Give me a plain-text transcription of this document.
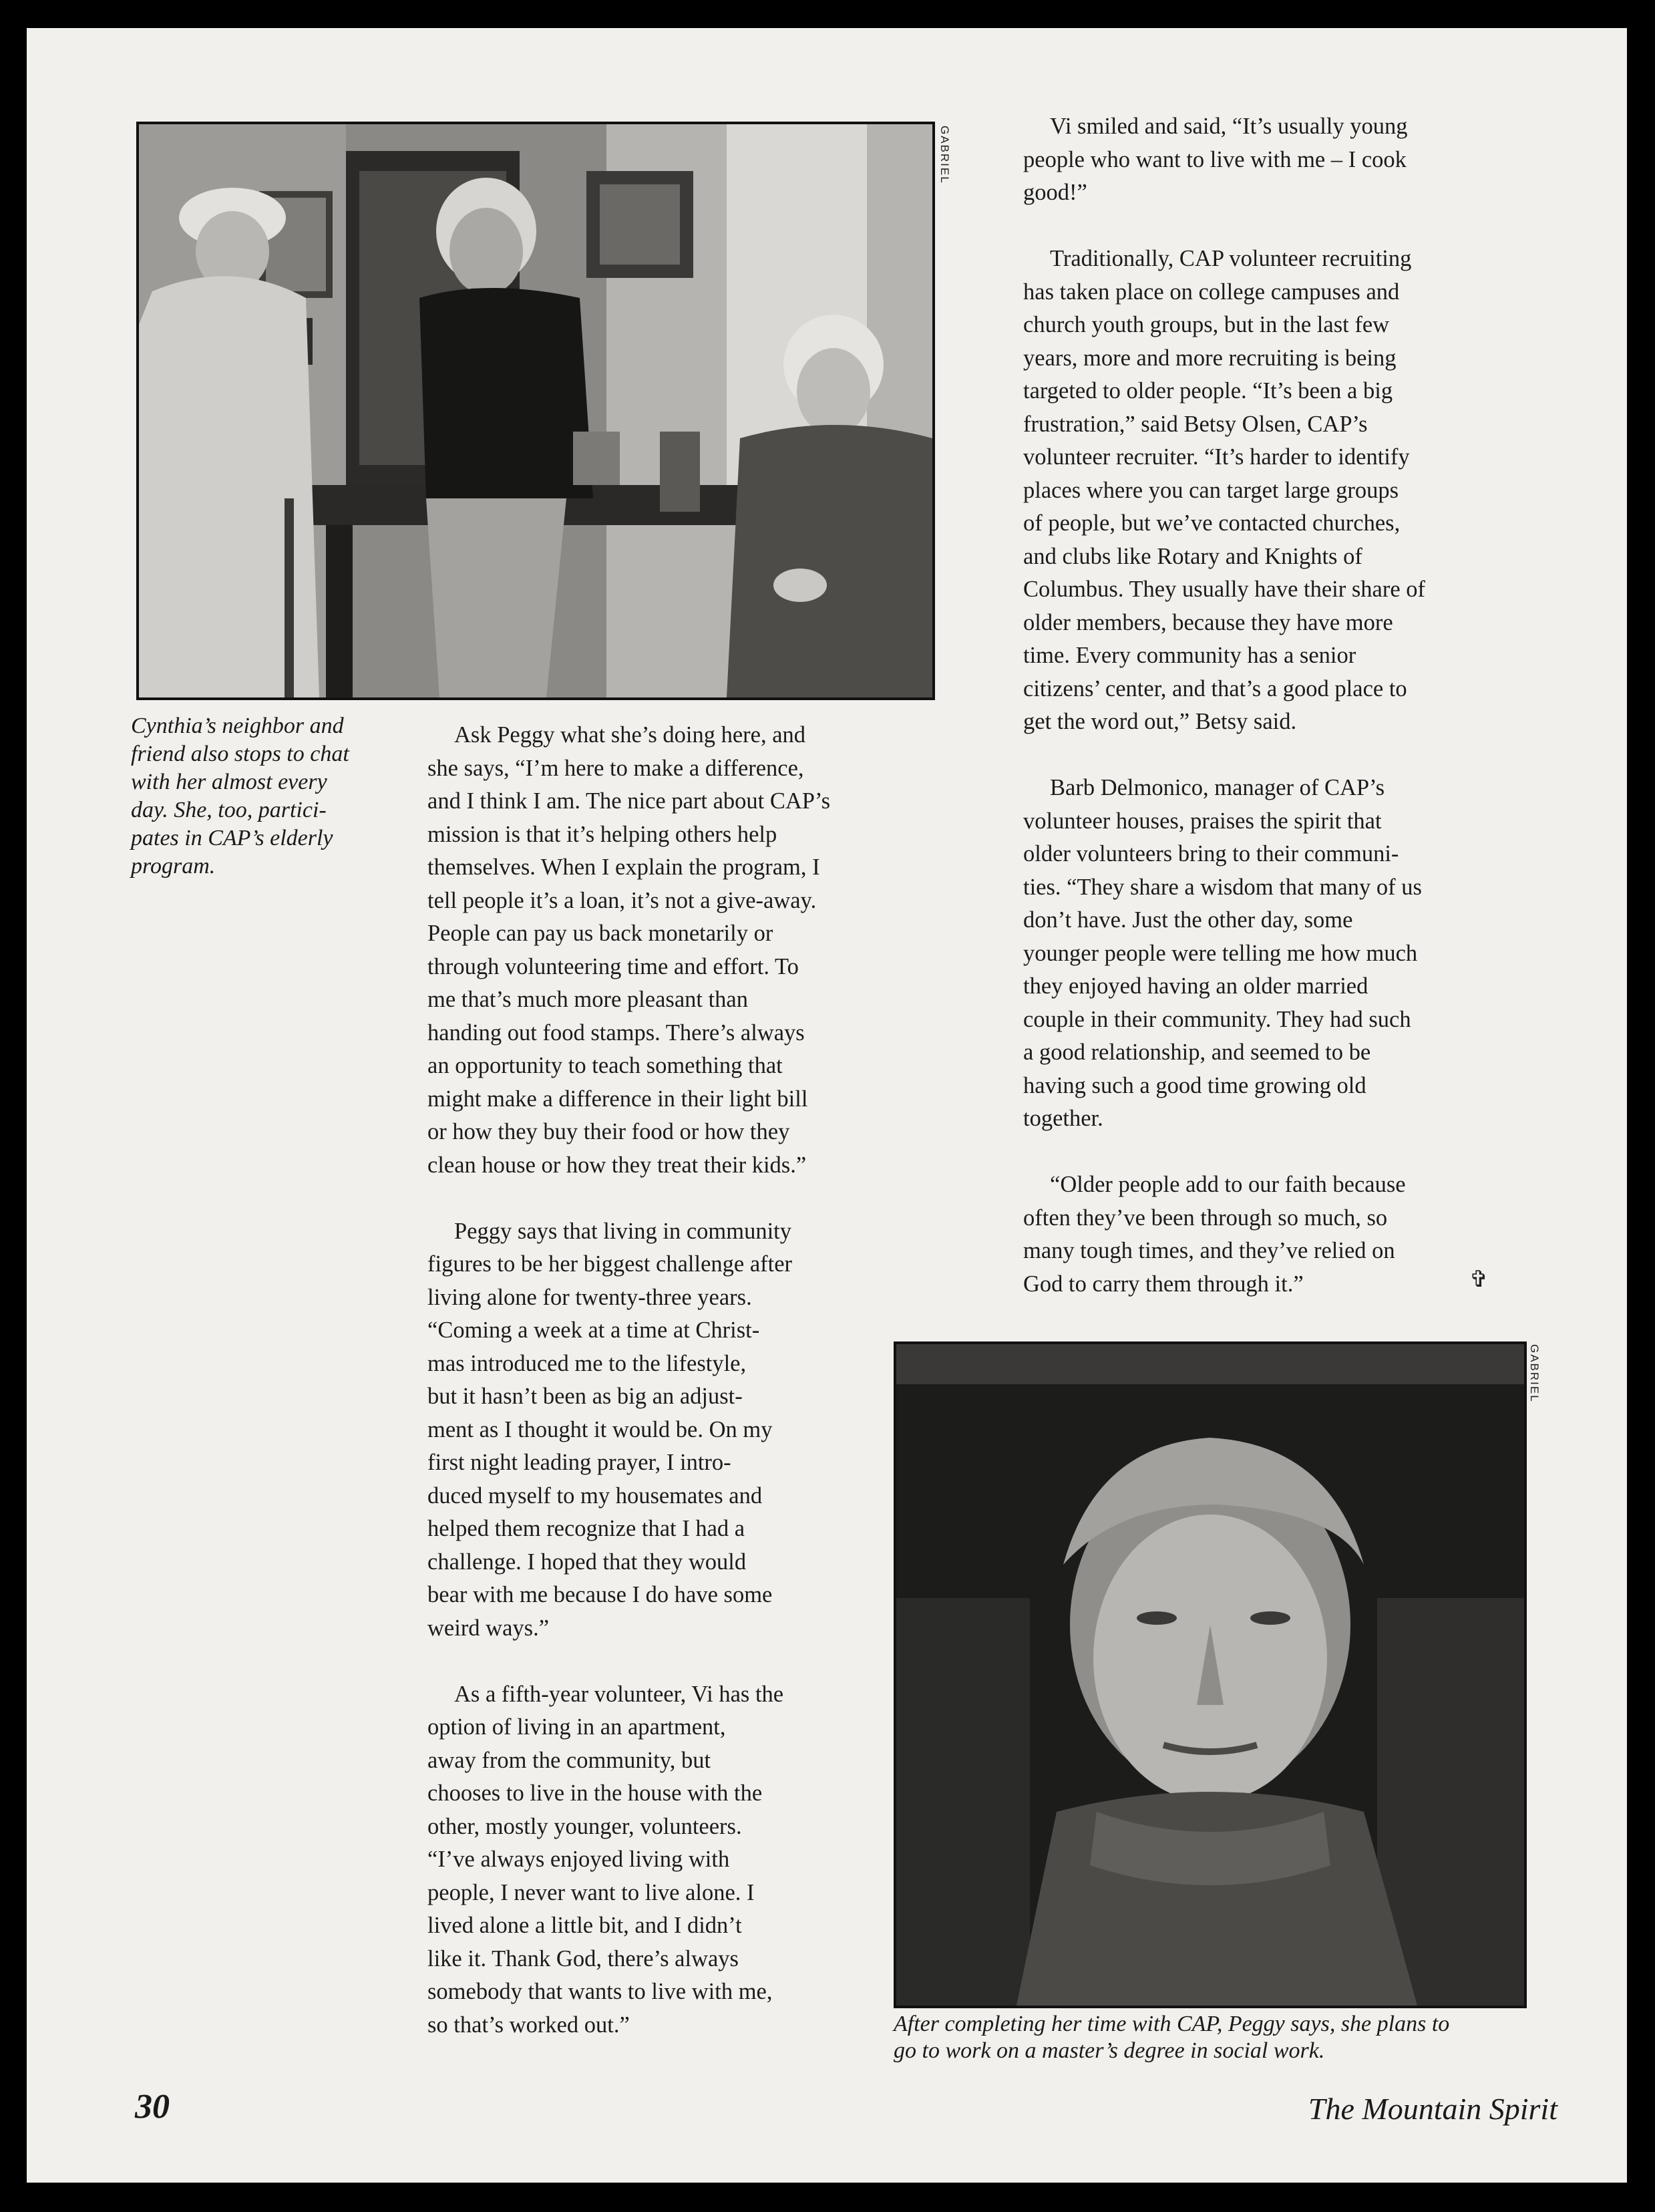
GABRIEL
Cynthia’s neighbor and
friend also stops to chat
with her almost every
day. She, too, partici-
pates in CAP’s elderly
program.

Ask Peggy what she’s doing here, and
she says, “I’m here to make a difference,
and I think I am. The nice part about CAP’s
mission is that it’s helping others help
themselves. When I explain the program, I
tell people it’s a loan, it’s not a give-away.
People can pay us back monetarily or
through volunteering time and effort. To
me that’s much more pleasant than
handing out food stamps. There’s always
an opportunity to teach something that
might make a difference in their light bill
or how they buy their food or how they
clean house or how they treat their kids.”

Peggy says that living in community
figures to be her biggest challenge after
living alone for twenty-three years.
“Coming a week at a time at Christ-
mas introduced me to the lifestyle,
but it hasn’t been as big an adjust-
ment as I thought it would be. On my
first night leading prayer, I intro-
duced myself to my housemates and
helped them recognize that I had a
challenge. I hoped that they would
bear with me because I do have some
weird ways.”

As a fifth-year volunteer, Vi has the
option of living in an apartment,
away from the community, but
chooses to live in the house with the
other, mostly younger, volunteers.
“I’ve always enjoyed living with
people, I never want to live alone. I
lived alone a little bit, and I didn’t
like it. Thank God, there’s always
somebody that wants to live with me,
so that’s worked out.”

Vi smiled and said, “It’s usually young
people who want to live with me – I cook
good!”

Traditionally, CAP volunteer recruiting
has taken place on college campuses and
church youth groups, but in the last few
years, more and more recruiting is being
targeted to older people. “It’s been a big
frustration,” said Betsy Olsen, CAP’s
volunteer recruiter. “It’s harder to identify
places where you can target large groups
of people, but we’ve contacted churches,
and clubs like Rotary and Knights of
Columbus. They usually have their share of
older members, because they have more
time. Every community has a senior
citizens’ center, and that’s a good place to
get the word out,” Betsy said.

Barb Delmonico, manager of CAP’s
volunteer houses, praises the spirit that
older volunteers bring to their communi-
ties. “They share a wisdom that many of us
don’t have. Just the other day, some
younger people were telling me how much
they enjoyed having an older married
couple in their community. They had such
a good relationship, and seemed to be
having such a good time growing old
together.

“Older people add to our faith because
often they’ve been through so much, so
many tough times, and they’ve relied on
God to carry them through it.”	✞
GABRIEL
After completing her time with CAP, Peggy says, she plans to
go to work on a master’s degree in social work.
30	The Mountain Spirit
